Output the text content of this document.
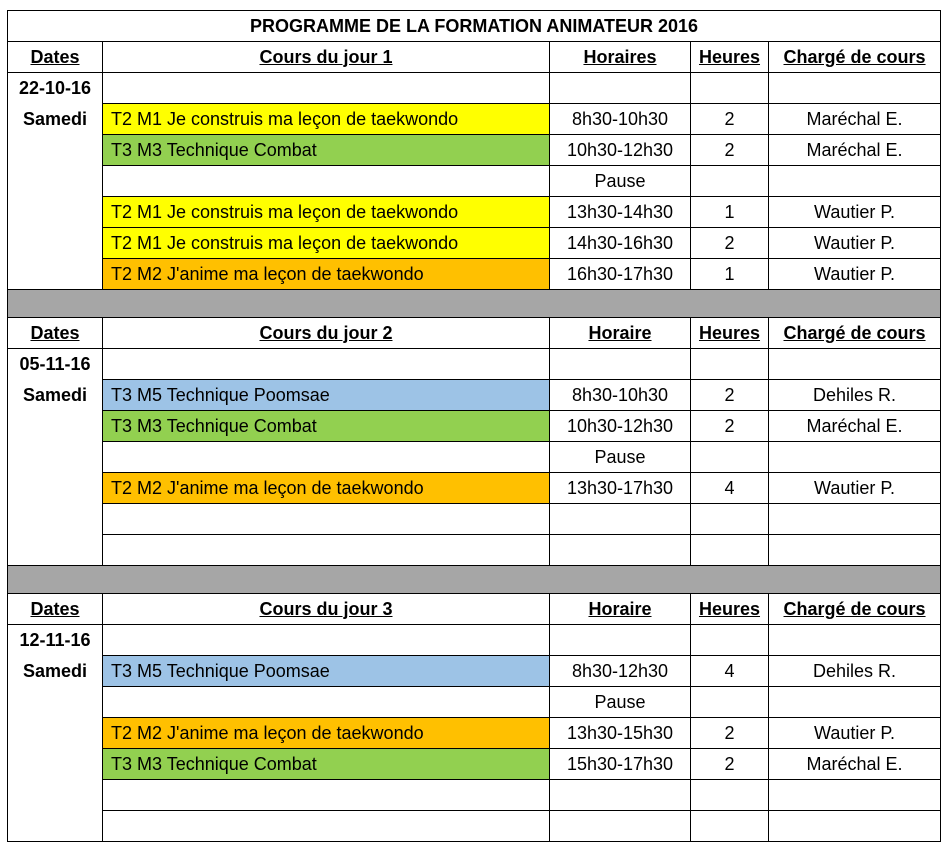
PROGRAMME DE LA FORMATION ANIMATEUR 2016				
Dates	Cours du jour 1	Horaires	Heures	Chargé de cours
22-10-16				
Samedi	T2 M1 Je construis ma leçon de taekwondo	8h30-10h30	2	Maréchal E.
	T3 M3 Technique Combat	10h30-12h30	2	Maréchal E.
		Pause		
	T2 M1 Je construis ma leçon de taekwondo	13h30-14h30	1	Wautier P.
	T2 M1 Je construis ma leçon de taekwondo	14h30-16h30	2	Wautier P.
	T2 M2 J'anime ma leçon de taekwondo	16h30-17h30	1	Wautier P.

Dates	Cours du jour 2	Horaire	Heures	Chargé de cours
05-11-16				
Samedi	T3 M5 Technique Poomsae	8h30-10h30	2	Dehiles R.
	T3 M3 Technique Combat	10h30-12h30	2	Maréchal E.
		Pause		
	T2 M2 J'anime ma leçon de taekwondo	13h30-17h30	4	Wautier P.

Dates	Cours du jour 3	Horaire	Heures	Chargé de cours
12-11-16				
Samedi	T3 M5 Technique Poomsae	8h30-12h30	4	Dehiles R.
		Pause		
	T2 M2 J'anime ma leçon de taekwondo	13h30-15h30	2	Wautier P.
	T3 M3 Technique Combat	15h30-17h30	2	Maréchal E.
